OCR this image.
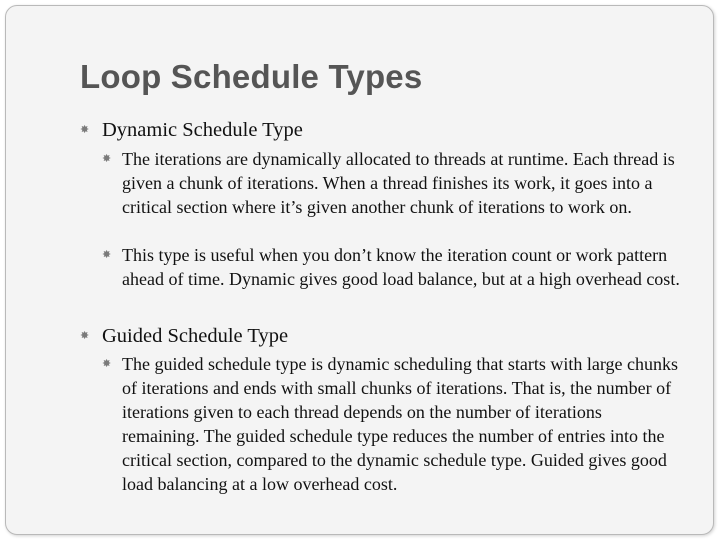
Loop Schedule Types
✸ Dynamic Schedule Type
✸ The iterations are dynamically allocated to threads at runtime. Each thread is given a chunk of iterations. When a thread finishes its work, it goes into a critical section where it’s given another chunk of iterations to work on.
✸ This type is useful when you don’t know the iteration count or work pattern ahead of time. Dynamic gives good load balance, but at a high overhead cost.
✸ Guided Schedule Type
✸ The guided schedule type is dynamic scheduling that starts with large chunks of iterations and ends with small chunks of iterations. That is, the number of iterations given to each thread depends on the number of iterations remaining. The guided schedule type reduces the number of entries into the critical section, compared to the dynamic schedule type. Guided gives good load balancing at a low overhead cost.
